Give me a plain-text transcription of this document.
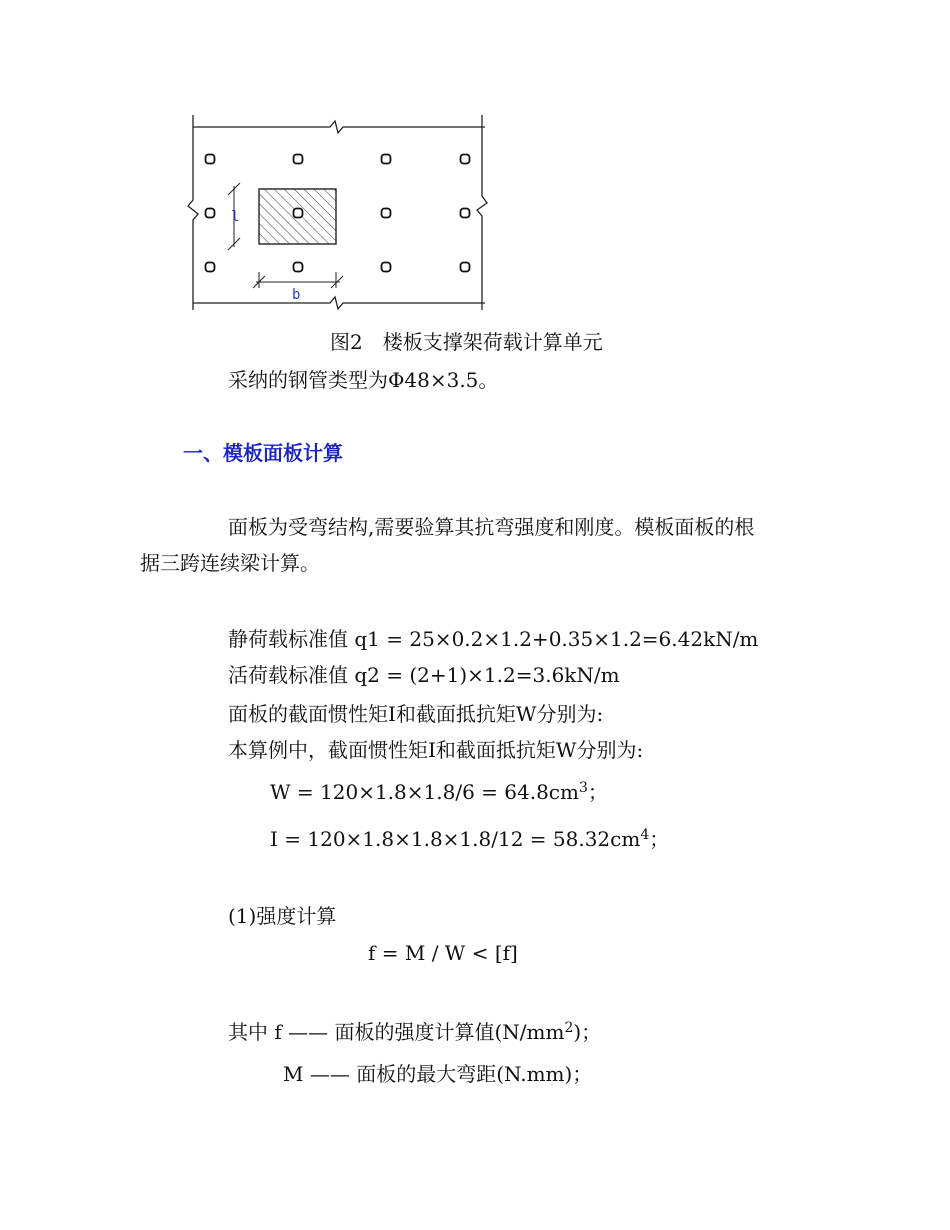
l
b
图2　楼板支撑架荷载计算单元
采纳的钢管类型为Φ48×3.5。
一、模板面板计算
面板为受弯结构,需要验算其抗弯强度和刚度。模板面板的根
据三跨连续梁计算。
静荷载标准值 q1 = 25×0.2×1.2+0.35×1.2=6.42kN/m
活荷载标准值 q2 = (2+1)×1.2=3.6kN/m
面板的截面惯性矩I和截面抵抗矩W分别为:
本算例中，截面惯性矩I和截面抵抗矩W分别为:
$W = 120\times 1.8\times 1.8/6 = 64.8cm^3$；
$I = 120\times 1.8\times 1.8\times 1.8/12 = 58.32cm^4$；
(1)强度计算
f = M / W < [f]
其中 f —— 面板的强度计算值$(N/mm^2)$；
M —— 面板的最大弯距(N.mm)；
